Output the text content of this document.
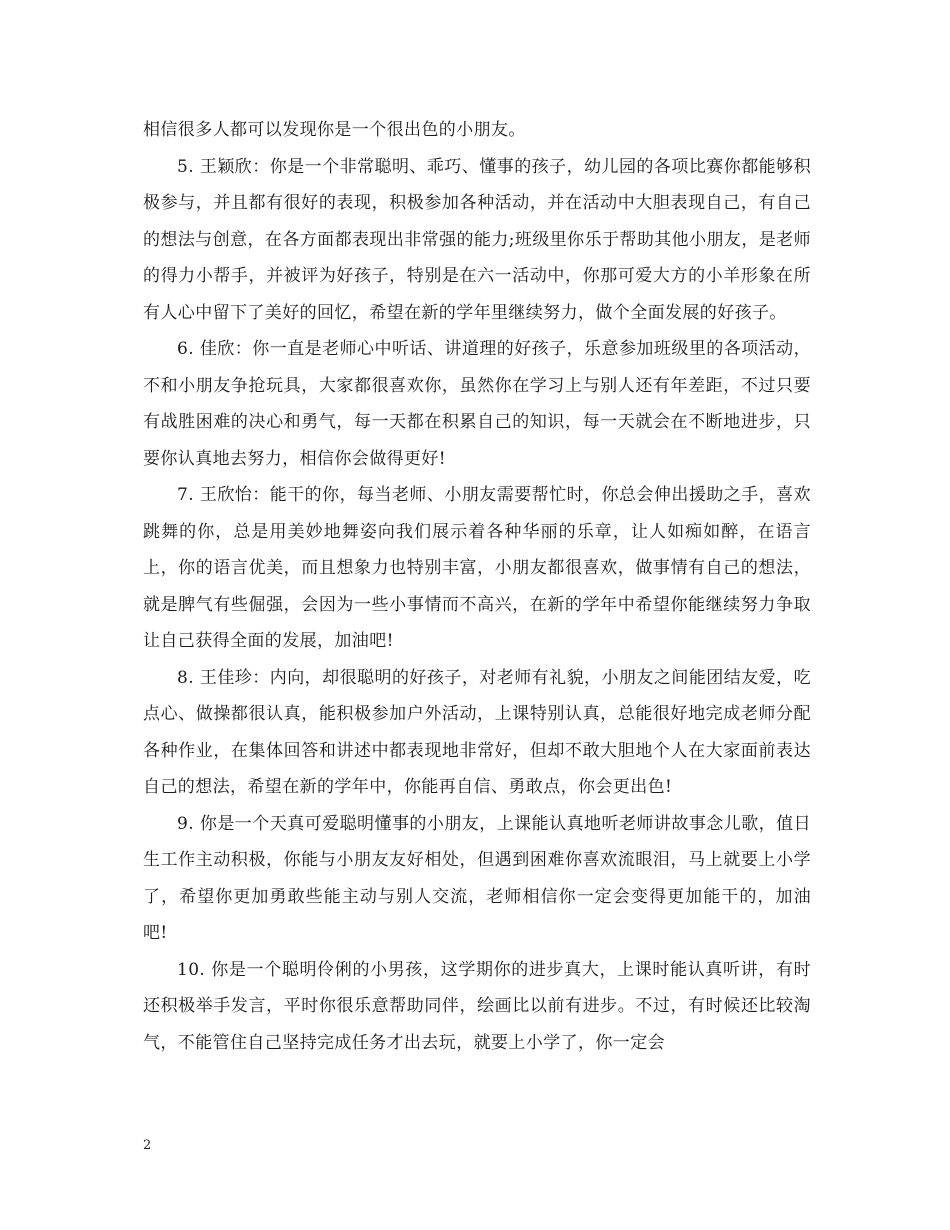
相信很多人都可以发现你是一个很出色的小朋友。

5. 王颖欣：你是一个非常聪明、乖巧、懂事的孩子，幼儿园的各项比赛你都能够积极参与，并且都有很好的表现，积极参加各种活动，并在活动中大胆表现自己，有自己的想法与创意，在各方面都表现出非常强的能力;班级里你乐于帮助其他小朋友，是老师的得力小帮手，并被评为好孩子，特别是在六一活动中，你那可爱大方的小羊形象在所有人心中留下了美好的回忆，希望在新的学年里继续努力，做个全面发展的好孩子。

6. 佳欣：你一直是老师心中听话、讲道理的好孩子，乐意参加班级里的各项活动，不和小朋友争抢玩具，大家都很喜欢你，虽然你在学习上与别人还有年差距，不过只要有战胜困难的决心和勇气，每一天都在积累自己的知识，每一天就会在不断地进步，只要你认真地去努力，相信你会做得更好!

7. 王欣怡：能干的你，每当老师、小朋友需要帮忙时，你总会伸出援助之手，喜欢跳舞的你，总是用美妙地舞姿向我们展示着各种华丽的乐章，让人如痴如醉，在语言上，你的语言优美，而且想象力也特别丰富，小朋友都很喜欢，做事情有自己的想法，就是脾气有些倔强，会因为一些小事情而不高兴，在新的学年中希望你能继续努力争取让自己获得全面的发展，加油吧!

8. 王佳珍：内向，却很聪明的好孩子，对老师有礼貌，小朋友之间能团结友爱，吃点心、做操都很认真，能积极参加户外活动，上课特别认真，总能很好地完成老师分配各种作业，在集体回答和讲述中都表现地非常好，但却不敢大胆地个人在大家面前表达自己的想法，希望在新的学年中，你能再自信、勇敢点，你会更出色!

9. 你是一个天真可爱聪明懂事的小朋友，上课能认真地听老师讲故事念儿歌，值日生工作主动积极，你能与小朋友友好相处，但遇到困难你喜欢流眼泪，马上就要上小学了，希望你更加勇敢些能主动与别人交流，老师相信你一定会变得更加能干的，加油吧!

10. 你是一个聪明伶俐的小男孩，这学期你的进步真大，上课时能认真听讲，有时还积极举手发言，平时你很乐意帮助同伴，绘画比以前有进步。不过，有时候还比较淘气，不能管住自己坚持完成任务才出去玩，就要上小学了，你一定会

2
